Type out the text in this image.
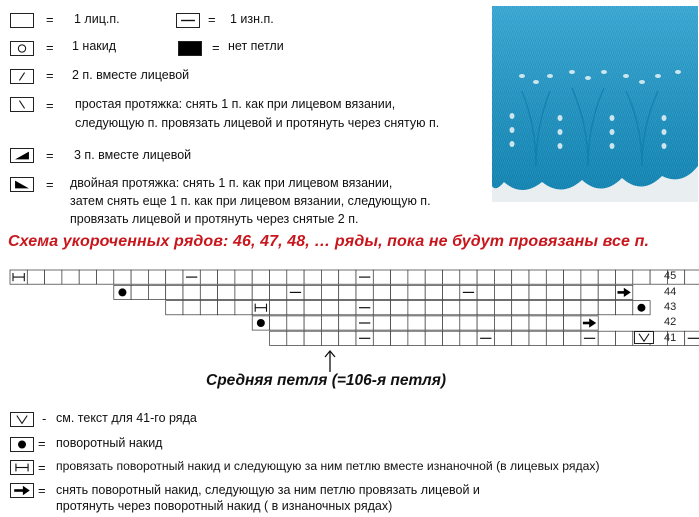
= 1 лиц.п.	= 1 изн.п.
= 1 накид	= нет петли
= 2 п. вместе лицевой
= простая протяжка: снять 1 п. как при лицевом вязании,
следующую п. провязать лицевой и протянуть через снятую п.
= 3 п. вместе лицевой
= двойная протяжка: снять 1 п. как при лицевом вязании,
затем снять еще 1 п. как при лицевом вязании, следующую п.
провязать лицевой и протянуть через снятые 2 п.
Схема укороченных рядов: 46, 47, 48, … ряды, пока не будут провязаны все п.
45
44
43
42
41
Средняя петля (=106-я петля)
- см. текст для 41-го ряда
= поворотный накид
= провязать поворотный накид и следующую за ним петлю вместе изнаночной (в лицевых рядах)
= снять поворотный накид, следующую за ним петлю провязать лицевой и
протянуть через поворотный накид ( в изнаночных рядах)
